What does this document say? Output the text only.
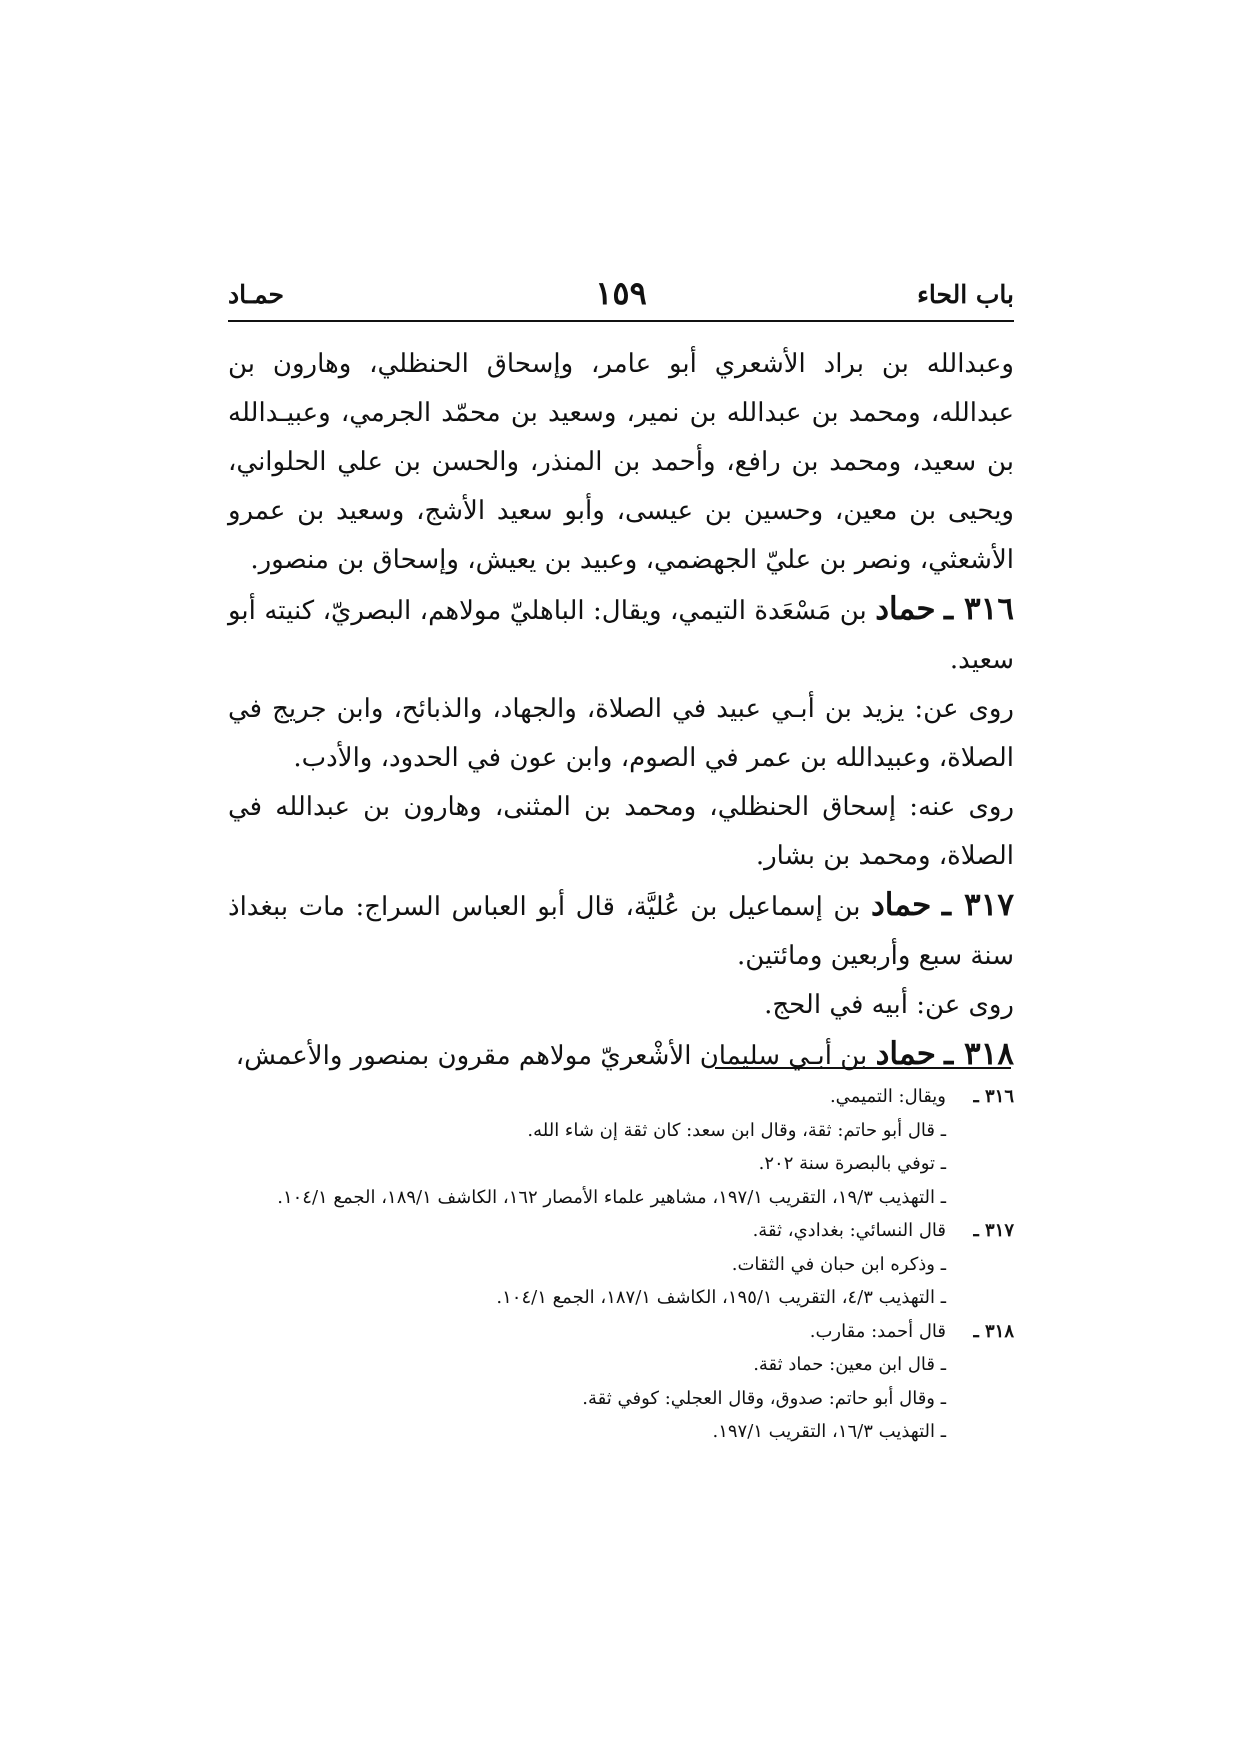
باب الحاء
١٥٩
حمـاد

وعبدالله بن براد الأشعري أبو عامر، وإسحاق الحنظلي، وهارون بن عبدالله، ومحمد بن عبدالله بن نمير، وسعيد بن محمّد الجرمي، وعبيـدالله بن سعيد، ومحمد بن رافع، وأحمد بن المنذر، والحسن بن علي الحلواني، ويحيى بن معين، وحسين بن عيسى، وأبو سعيد الأشج، وسعيد بن عمرو الأشعثي، ونصر بن عليّ الجهضمي، وعبيد بن يعيش، وإسحاق بن منصور.

٣١٦ ـ حماد بن مَسْعَدة التيمي، ويقال: الباهليّ مولاهم، البصريّ، كنيته أبو سعيد.

روى عن: يزيد بن أبـي عبيد في الصلاة، والجهاد، والذبائح، وابن جريج في الصلاة، وعبيدالله بن عمر في الصوم، وابن عون في الحدود، والأدب.

روى عنه: إسحاق الحنظلي، ومحمد بن المثنى، وهارون بن عبدالله في الصلاة، ومحمد بن بشار.

٣١٧ ـ حماد بن إسماعيل بن عُليَّة، قال أبو العباس السراج: مات ببغداذ سنة سبع وأربعين ومائتين.

روى عن: أبيه في الحج.

٣١٨ ـ حماد بن أبـي سليمان الأشْعريّ مولاهم مقرون بمنصور والأعمش،

٣١٦ ـ
ويقال: التميمي.
ـ قال أبو حاتم: ثقة، وقال ابن سعد: كان ثقة إن شاء الله.
ـ توفي بالبصرة سنة ٢٠٢.
ـ التهذيب ١٩/٣، التقريب ١٩٧/١، مشاهير علماء الأمصار ١٦٢، الكاشف ١٨٩/١، الجمع ١٠٤/١.
٣١٧ ـ
قال النسائي: بغدادي، ثقة.
ـ وذكره ابن حبان في الثقات.
ـ التهذيب ٤/٣، التقريب ١٩٥/١، الكاشف ١٨٧/١، الجمع ١٠٤/١.
٣١٨ ـ
قال أحمد: مقارب.
ـ قال ابن معين: حماد ثقة.
ـ وقال أبو حاتم: صدوق، وقال العجلي: كوفي ثقة.
ـ التهذيب ١٦/٣، التقريب ١٩٧/١.
